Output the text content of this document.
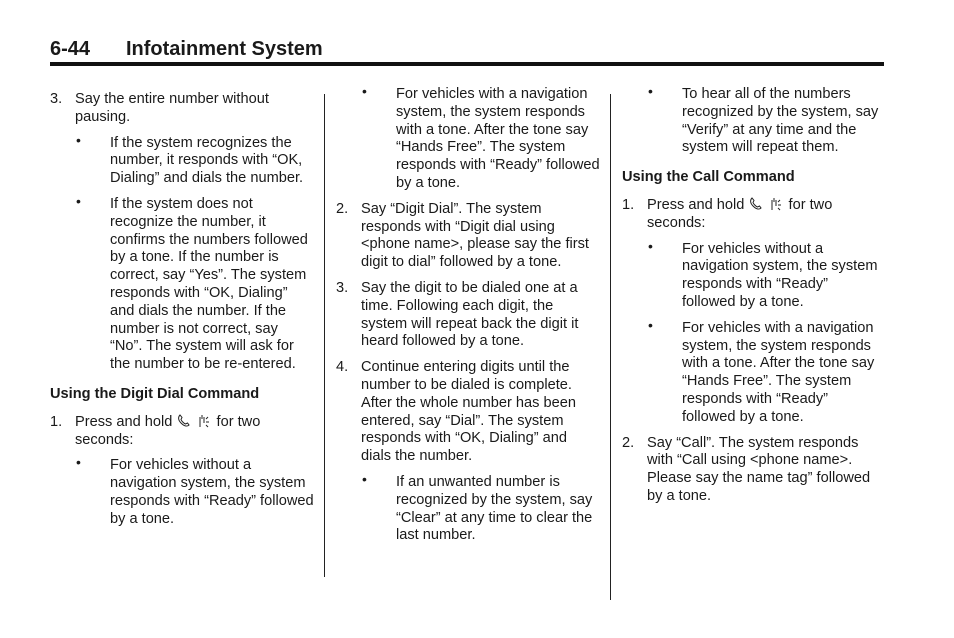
6-44 Infotainment System
3. Say the entire number without pausing.
• If the system recognizes the number, it responds with “OK, Dialing” and dials the number.
• If the system does not recognize the number, it confirms the numbers followed by a tone. If the number is correct, say “Yes”. The system responds with “OK, Dialing” and dials the number. If the number is not correct, say “No”. The system will ask for the number to be re-entered.
Using the Digit Dial Command
1. Press and hold	for two seconds:
• For vehicles without a navigation system, the system responds with “Ready” followed by a tone.
• For vehicles with a navigation system, the system responds with a tone. After the tone say “Hands Free”. The system responds with “Ready” followed by a tone.
2. Say “Digit Dial”. The system responds with “Digit dial using <phone name>, please say the first digit to dial” followed by a tone.
3. Say the digit to be dialed one at a time. Following each digit, the system will repeat back the digit it heard followed by a tone.
4. Continue entering digits until the number to be dialed is complete. After the whole number has been entered, say “Dial”. The system responds with “OK, Dialing” and dials the number.
• If an unwanted number is recognized by the system, say “Clear” at any time to clear the last number.
• To hear all of the numbers recognized by the system, say “Verify” at any time and the system will repeat them.
Using the Call Command
1. Press and hold	for two seconds:
• For vehicles without a navigation system, the system responds with “Ready” followed by a tone.
• For vehicles with a navigation system, the system responds with a tone. After the tone say “Hands Free”. The system responds with “Ready” followed by a tone.
2. Say “Call”. The system responds with “Call using <phone name>. Please say the name tag” followed by a tone.
